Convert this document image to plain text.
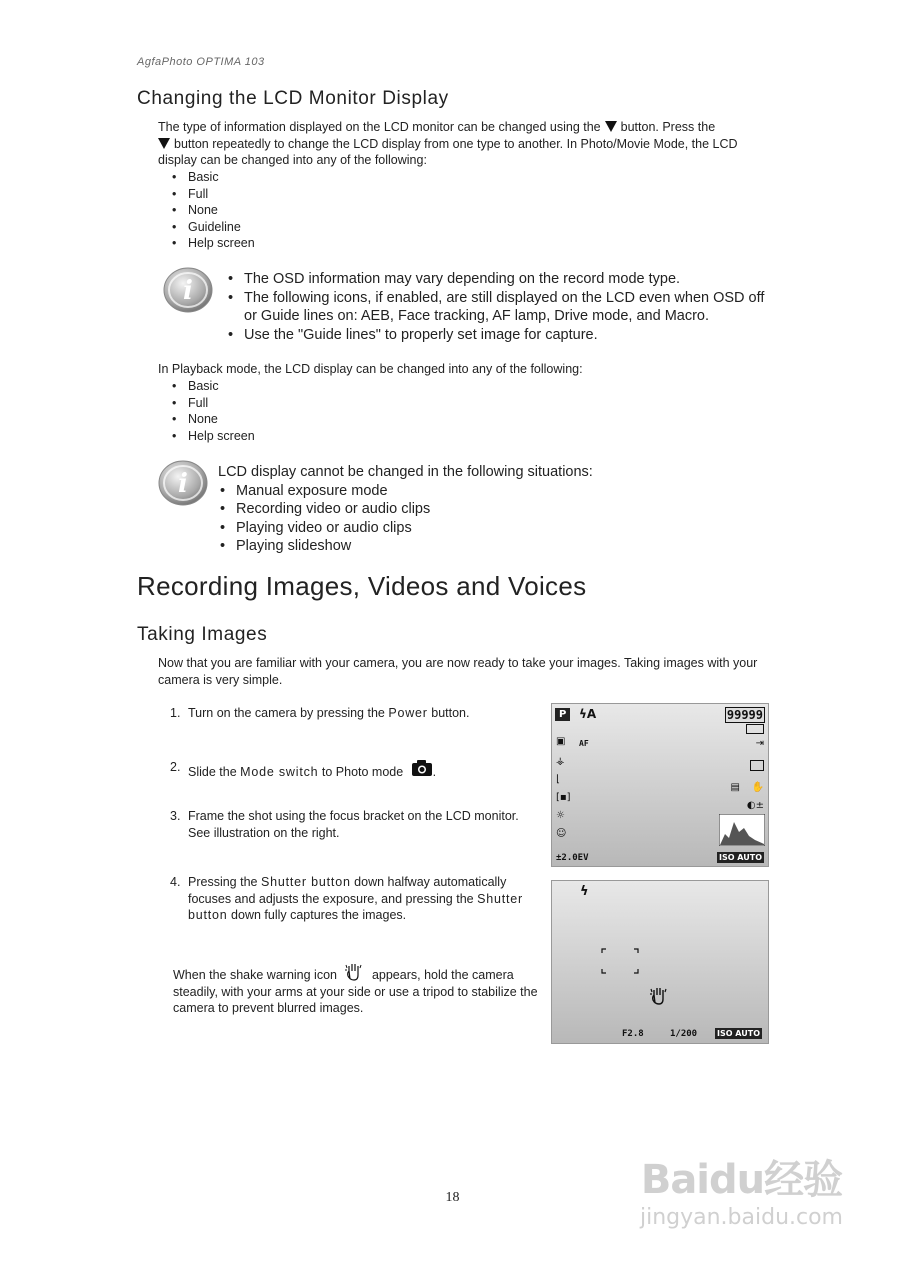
AgfaPhoto OPTIMA 103
Changing the LCD Monitor Display
The type of information displayed on the LCD monitor can be changed using the button. Press the
button repeatedly to change the LCD display from one type to another. In Photo/Movie Mode, the LCD display can be changed into any of the following:
• Basic
• Full
• None
• Guideline
• Help screen
i
•	The OSD information may vary depending on the record mode type.
• The following icons, if enabled, are still displayed on the LCD even when OSD off or Guide lines on: AEB, Face tracking, AF lamp, Drive mode, and Macro.
• Use the "Guide lines" to properly set image for capture.
In Playback mode, the LCD display can be changed into any of the following:
• Basic
• Full
• None
• Help screen
i LCD display cannot be changed in the following situations:
• Manual exposure mode
• Recording video or audio clips
• Playing video or audio clips
• Playing slideshow
Recording Images, Videos and Voices
Taking Images
Now that you are familiar with your camera, you are now ready to take your images. Taking images with your camera is very simple.
1. Turn on the camera by pressing the Power button.
2. Slide the Mode switch to Photo mode .
3. Frame the shot using the focus bracket on the LCD monitor. See illustration on the right.
4. Pressing the Shutter button down halfway automatically focuses and adjusts the exposure, and pressing the Shutter button down fully captures the images.
When the shake warning icon	appears, hold the camera steadily, with your arms at your side or use a tripod to stabilize the camera to prevent blurred images.
P	ϟA	99999
▣ AF	⇥
⚶
⌊
[▪]
▤ ✋
◐±
☼
☺
±2.0EV	ISO AUTO
ϟ
F2.8	1/200 ISO AUTO
18	Baidu经验
jingyan.baidu.com
